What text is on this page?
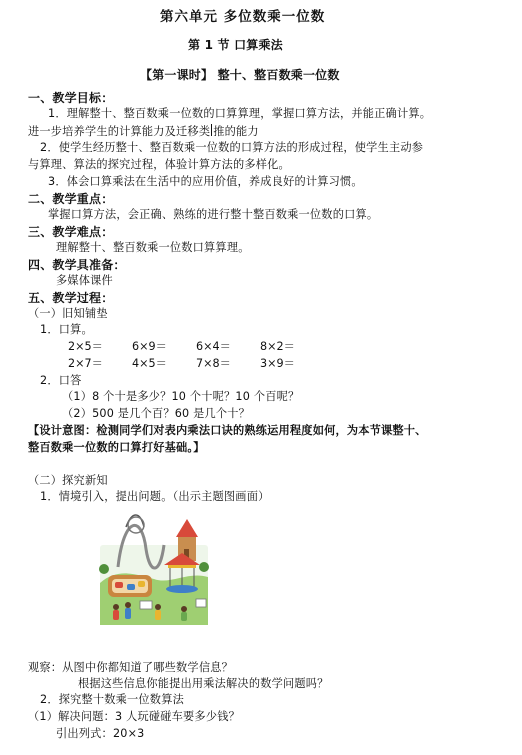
第六单元 多位数乘一位数
第 1 节 口算乘法
【第一课时】 整十、整百数乘一位数
一、教学目标：
1．理解整十、整百数乘一位数的口算算理，掌握口算方法，并能正确计算。
进一步培养学生的计算能力及迁移类 推的能力
2．使学生经历整十、整百数乘一位数的口算方法的形成过程，使学生主动参
与算理、算法的探究过程，体验计算方法的多样化。
3．体会口算乘法在生活中的应用价值，养成良好的计算习惯。
二、教学重点：
掌握口算方法，会正确、熟练的进行整十整百数乘一位数的口算。
三、教学难点：
理解整十、整百数乘一位数口算算理。
四、教学具准备：
多媒体课件
五、教学过程：
（一）旧知铺垫
1．口算。
2×5＝	6×9＝	6×4＝	8×2＝
2×7＝	4×5＝	7×8＝	3×9＝
2．口答
（1）8 个十是多少？10 个十呢？10 个百呢？
（2）500 是几个百？60 是几个十？
【设计意图：检测同学们对表内乘法口诀的熟练运用程度如何，为本节课整十、
整百数乘一位数的口算打好基础。】
（二）探究新知
1．情境引入，提出问题。（出示主题图画面）
观察：从图中你都知道了哪些数学信息？
根据这些信息你能提出用乘法解决的数学问题吗？
2．探究整十数乘一位数算法
（1）解决问题：3 人玩碰碰车要多少钱？
引出列式：20×3
